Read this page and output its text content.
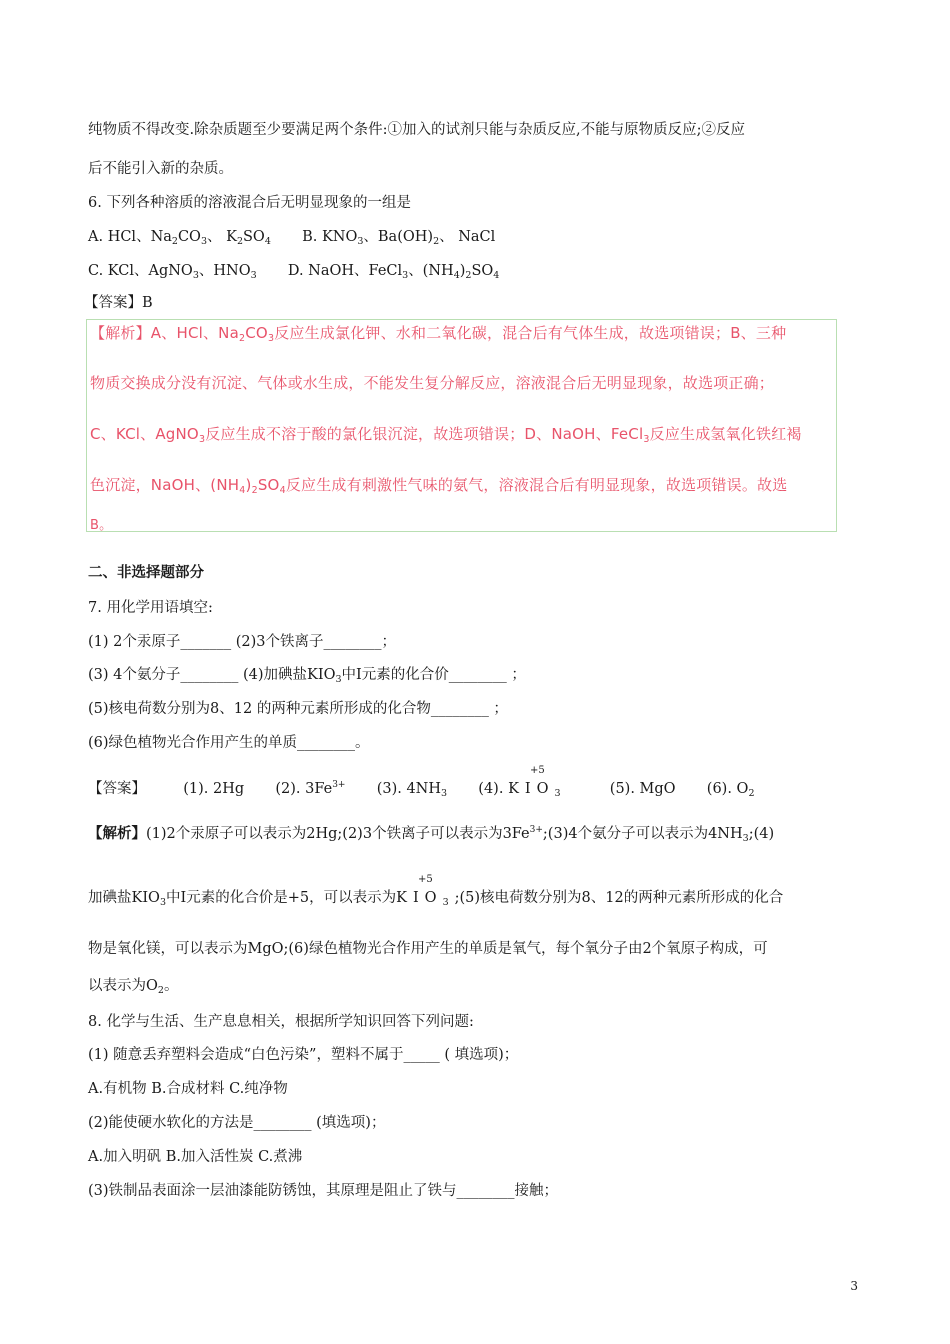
纯物质不得改变.除杂质题至少要满足两个条件:①加入的试剂只能与杂质反应,不能与原物质反应;②反应
后不能引入新的杂质。
6. 下列各种溶质的溶液混合后无明显现象的一组是
A. HCl、$Na_2CO_3$、 $K_2SO_4$ B. $KNO_3$、$Ba(OH)_2$、 NaCl
C. KCl、AgNO$_3$、$HNO_3$ D. NaOH、FeCl$_3$、$(NH_4)_2SO_4$
【答案】B
【解析】A、HCl、$Na_2CO_3$反应生成氯化钾、水和二氧化碳，混合后有气体生成，故选项错误；B、三种
物质交换成分没有沉淀、气体或水生成，不能发生复分解反应，溶液混合后无明显现象，故选项正确；
C、KCl、AgNO$_3$反应生成不溶于酸的氯化银沉淀，故选项错误；D、NaOH、FeCl$_3$反应生成氢氧化铁红褐
色沉淀，NaOH、$(NH_4)_2SO_4$反应生成有刺激性气味的氨气，溶液混合后有明显现象，故选项错误。故选
B。
二、非选择题部分
7. 用化学用语填空:
(1) 2个汞原子_______ (2)3个铁离子________；
(3) 4个氨分子________ (4)加碘盐$KIO_3$中I元素的化合价________ ；
(5)核电荷数分别为8、12 的两种元素所形成的化合物________ ；
(6)绿色植物光合作用产生的单质________。
【答案】	(1). 2Hg (2). $3Fe^{3+}$ (3). $4NH_3$ (4).
+5
$KIO_3$	(5). MgO (6). $O_2$
【解析】(1)2个汞原子可以表示为2Hg;(2)3个铁离子可以表示为$3Fe^{3+};(3)4$个氨分子可以表示为$4NH_3;(4)$
加碘盐$KIO_3$中I元素的化合价是+5，可以表示为
+5
$KIO_3;(5)$核电荷数分别为8、12的两种元素所形成的化合
物是氧化镁，可以表示为MgO;(6)绿色植物光合作用产生的单质是氧气，每个氧分子由2个氧原子构成，可
以表示为$O_2$。
8. 化学与生活、生产息息相关，根据所学知识回答下列问题:
(1) 随意丢弃塑料会造成“白色污染”，塑料不属于_____ ( 填选项)；
A.有机物 B.合成材料 C.纯净物
(2)能使硬水软化的方法是________ (填选项)；
A.加入明矾 B.加入活性炭 C.煮沸
(3)铁制品表面涂一层油漆能防锈蚀，其原理是阻止了铁与________接触；
3
